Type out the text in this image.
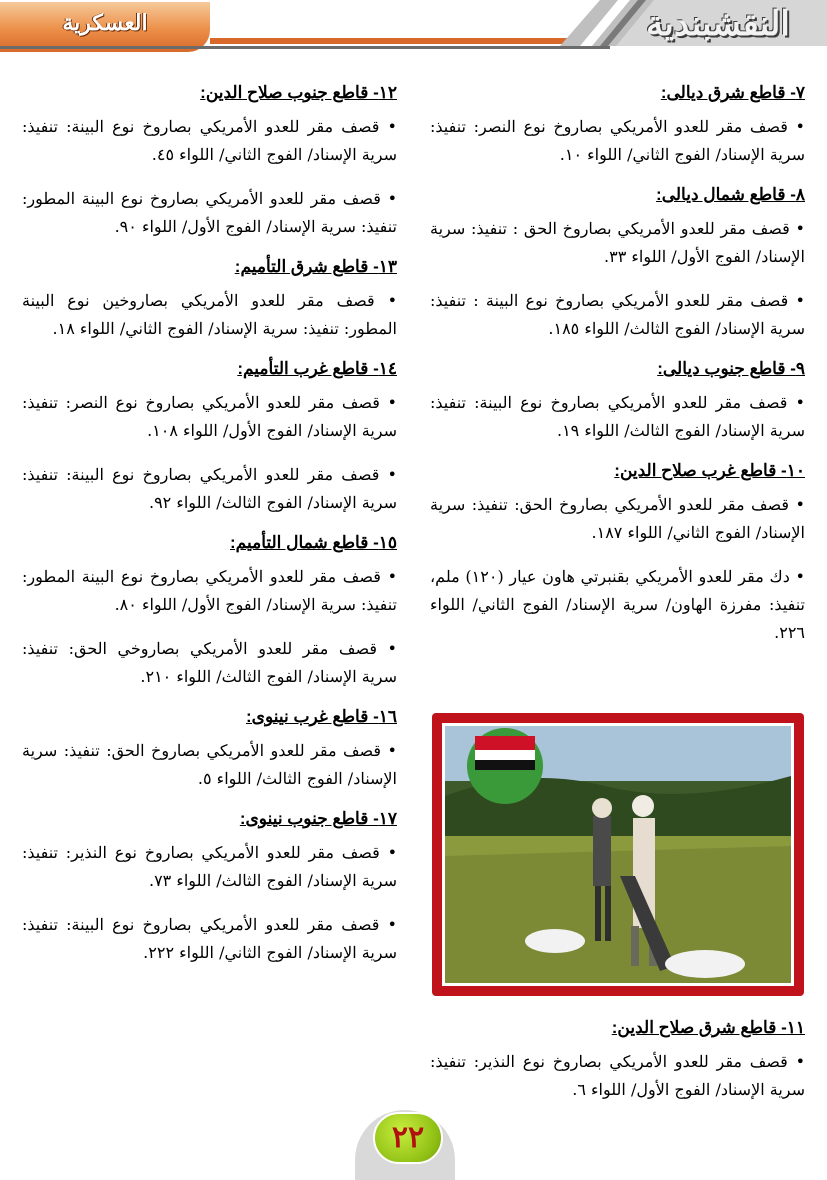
العسكرية	النقشبندية
٧- قاطع شرق ديالى:
• قصف مقر للعدو الأمريكي بصاروخ نوع النصر: تنفيذ: سرية الإسناد/ الفوج الثاني/ اللواء ١٠.
٨- قاطع شمال ديالى:
• قصف مقر للعدو الأمريكي بصاروخ الحق : تنفيذ: سرية الإسناد/ الفوج الأول/ اللواء ٣٣.
• قصف مقر للعدو الأمريكي بصاروخ نوع البينة : تنفيذ: سرية الإسناد/ الفوج الثالث/ اللواء ١٨٥.
٩- قاطع جنوب ديالى:
• قصف مقر للعدو الأمريكي بصاروخ نوع البينة: تنفيذ: سرية الإسناد/ الفوج الثالث/ اللواء ١٩.
١٠- قاطع غرب صلاح الدين:
• قصف مقر للعدو الأمريكي بصاروخ الحق: تنفيذ: سرية الإسناد/ الفوج الثاني/ اللواء ١٨٧.
• دك مقر للعدو الأمريكي بقنبرتي هاون عيار (١٢٠) ملم، تنفيذ: مفرزة الهاون/ سرية الإسناد/ الفوج الثاني/ اللواء ٢٢٦.
١١- قاطع شرق صلاح الدين:
• قصف مقر للعدو الأمريكي بصاروخ نوع النذير: تنفيذ: سرية الإسناد/ الفوج الأول/ اللواء ٦.
١٢- قاطع جنوب صلاح الدين:
• قصف مقر للعدو الأمريكي بصاروخ نوع البينة: تنفيذ: سرية الإسناد/ الفوج الثاني/ اللواء ٤٥.
• قصف مقر للعدو الأمريكي بصاروخ نوع البينة المطور: تنفيذ: سرية الإسناد/ الفوج الأول/ اللواء ٩٠.
١٣- قاطع شرق التأميم:
• قصف مقر للعدو الأمريكي بصاروخين نوع البينة المطور: تنفيذ: سرية الإسناد/ الفوج الثاني/ اللواء ١٨.
١٤- قاطع غرب التأميم:
• قصف مقر للعدو الأمريكي بصاروخ نوع النصر: تنفيذ: سرية الإسناد/ الفوج الأول/ اللواء ١٠٨.
• قصف مقر للعدو الأمريكي بصاروخ نوع البينة: تنفيذ: سرية الإسناد/ الفوج الثالث/ اللواء ٩٢.
١٥- قاطع شمال التأميم:
• قصف مقر للعدو الأمريكي بصاروخ نوع البينة المطور: تنفيذ: سرية الإسناد/ الفوج الأول/ اللواء ٨٠.
• قصف مقر للعدو الأمريكي بصاروخي الحق: تنفيذ: سرية الإسناد/ الفوج الثالث/ اللواء ٢١٠.
١٦- قاطع غرب نينوى:
• قصف مقر للعدو الأمريكي بصاروخ الحق: تنفيذ: سرية الإسناد/ الفوج الثالث/ اللواء ٥.
١٧- قاطع جنوب نينوى:
• قصف مقر للعدو الأمريكي بصاروخ نوع النذير: تنفيذ: سرية الإسناد/ الفوج الثالث/ اللواء ٧٣.
• قصف مقر للعدو الأمريكي بصاروخ نوع البينة: تنفيذ: سرية الإسناد/ الفوج الثاني/ اللواء ٢٢٢.
٢٢
